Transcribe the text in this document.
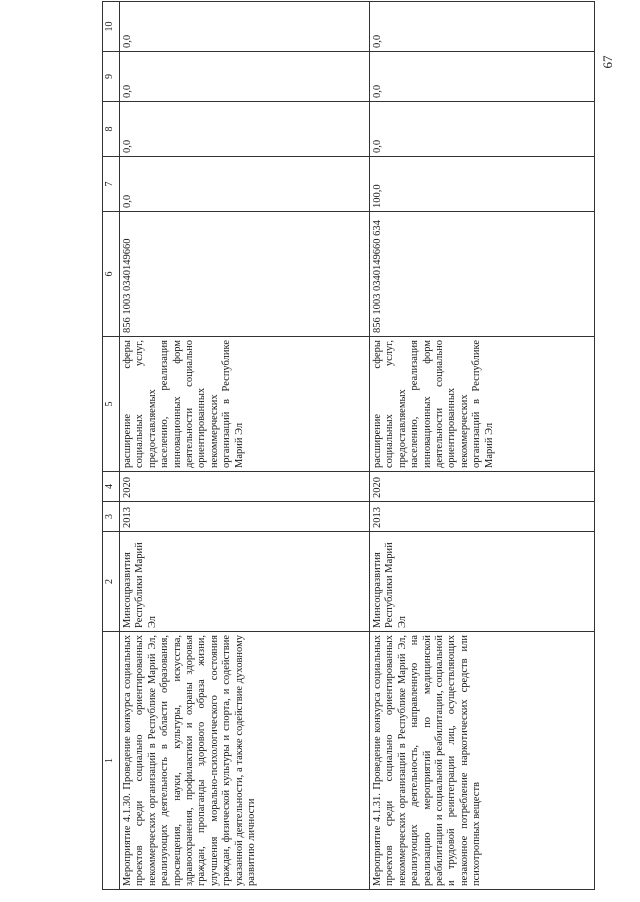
67
1	2	3	4	5	6	7	8	9	10
Мероприятие 4.1.30. Проведение конкурса социальных проектов среди социально ориентированных некоммерческих организаций в Республике Марий Эл, реализующих деятельность в области образования, просвещения, науки, культуры, искусства, здравоохранения, профилактики и охраны здоровья граждан, пропаганды здорового образа жизни, улучшения морально-психологического состояния граждан, физической культуры и спорта, и содействие указанной деятельности, а также содействие духовному развитию личности	Минсоцразвития Республики Марий Эл	2013	2020	расширение сферы социальных услуг, предоставляемых населению, реализация инновационных форм деятельности социально ориентированных некоммерческих организаций в Республике Марий Эл	856 1003 0340149660	0,0	0,0	0,0	0,0
Мероприятие 4.1.31. Проведение конкурса социальных проектов среди социально ориентированных некоммерческих организаций в Республике Марий Эл, реализующих деятельность, направленную на реализацию мероприятий по медицинской реабилитации и социальной реабилитации, социальной и трудовой реинтеграции лиц, осуществляющих незаконное потребление наркотических средств или психотропных веществ	Минсоцразвития Республики Марий Эл	2013	2020	расширение сферы социальных услуг, предоставляемых населению, реализация инновационных форм деятельности социально ориентированных некоммерческих организаций в Республике Марий Эл	856 1003 0340149660 634	100,0	0,0	0,0	0,0
